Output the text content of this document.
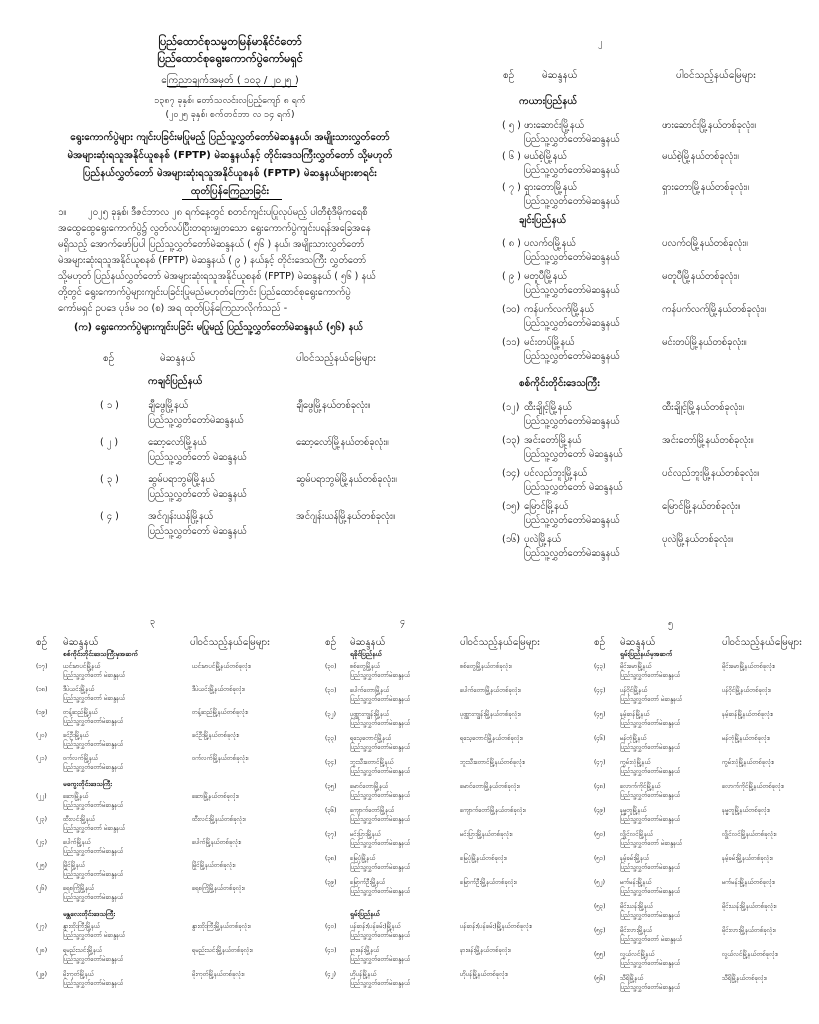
ပြည်ထောင်စုသမ္မတမြန်မာနိုင်ငံတော်
ပြည်ထောင်စုရွေးကောက်ပွဲကော်မရှင်
ကြေညာချက်အမှတ် ( ၁၀၃ / ၂၀၂၅ )
၁၃၈၇ ခုနှစ်၊ တော်သလင်းလပြည့်ကျော် ၈ ရက်
(၂၀၂၅ ခုနှစ်၊ စက်တင်ဘာ လ ၁၄ ရက်)
ရွေးကောက်ပွဲများ ကျင်းပခြင်းမပြုမည့် ပြည်သူ့လွှတ်တော်မဲဆန္ဒနယ်၊ အမျိုးသားလွှတ်တော်
မဲအများဆုံးရသူအနိုင်ယူစနစ် (FPTP) မဲဆန္ဒနယ်နှင့် တိုင်းဒေသကြီးလွှတ်တော် သို့မဟုတ်
ပြည်နယ်လွှတ်တော် မဲအများဆုံးရသူအနိုင်ယူစနစ် (FPTP) မဲဆန္ဒနယ်များစာရင်း
ထုတ်ပြန်ကြေညာခြင်း
၁။ ၂၀၂၅ ခုနှစ်၊ ဒီဇင်ဘာလ ၂၈ ရက်နေ့တွင် စတင်ကျင်းပပြုလုပ်မည့် ပါတီစုံဒီမိုကရေစီ
အထွေထွေရွေးကောက်ပွဲ၌ လွတ်လပ်ပြီးတရားမျှတသော ရွေးကောက်ပွဲကျင်းပရန်အခြေအနေ
မရှိသည့် အောက်ဖော်ပြပါ ပြည်သူ့လွှတ်တော်မဲဆန္ဒနယ် ( ၅၆ ) နယ်၊ အမျိုးသားလွှတ်တော်
မဲအများဆုံးရသူအနိုင်ယူစနစ် (FPTP) မဲဆန္ဒနယ် ( ၉ ) နယ်နှင့် တိုင်းဒေသကြီး လွှတ်တော်
သို့မဟုတ် ပြည်နယ်လွှတ်တော် မဲအများဆုံးရသူအနိုင်ယူစနစ် (FPTP) မဲဆန္ဒနယ် ( ၅၆ ) နယ်
တို့တွင် ရွေးကောက်ပွဲများကျင်းပခြင်းပြုမည်မဟုတ်ကြောင်း ပြည်ထောင်စုရွေးကောက်ပွဲ
ကော်မရှင် ဥပဒေ ပုဒ်မ ၁၀ (စ) အရ ထုတ်ပြန်ကြေညာလိုက်သည် -
(က) ရွေးကောက်ပွဲများကျင်းပခြင်း မပြုမည့် ပြည်သူ့လွှတ်တော်မဲဆန္ဒနယ် (၅၆) နယ်
စဉ်	မဲဆန္ဒနယ်	ပါဝင်သည့်နယ်မြေများ
ကချင်ပြည်နယ်
( ၁ )	ချီဖွေမြို့နယ်
ပြည်သူ့လွှတ်တော်မဲဆန္ဒနယ်
ချီဖွေမြို့နယ်တစ်ခုလုံး။
( ၂ )	ဆော့လော်မြို့နယ်
ပြည်သူ့လွှတ်တော် မဲဆန္ဒနယ်
ဆော့လော်မြို့နယ်တစ်ခုလုံး။
( ၃ )	ဆွမ်ပရာဘွမ်မြို့နယ်
ပြည်သူ့လွှတ်တော် မဲဆန္ဒနယ်
ဆွမ်ပရာဘွမ်မြို့နယ်တစ်ခုလုံး။
( ၄ )	အင်ဂျန်းယန်မြို့နယ်
ပြည်သူ့လွှတ်တော် မဲဆန္ဒနယ်
အင်ဂျန်းယန်မြို့နယ်တစ်ခုလုံး။
၂
စဉ်	မဲဆန္ဒနယ်	ပါဝင်သည့်နယ်မြေများ
ကယားပြည်နယ်
( ၅ ) ဖားဆောင်းမြို့နယ်
ပြည်သူ့လွှတ်တော်မဲဆန္ဒနယ်
ဖားဆောင်းမြို့နယ်တစ်ခုလုံး။
( ၆ ) မယ်စဲ့မြို့နယ်
ပြည်သူ့လွှတ်တော်မဲဆန္ဒနယ်
မယ်စဲ့မြို့နယ်တစ်ခုလုံး။
( ၇ ) ရှားတောမြို့နယ်
ပြည်သူ့လွှတ်တော်မဲဆန္ဒနယ်
ရှားတောမြို့နယ်တစ်ခုလုံး။
ချင်းပြည်နယ်
( ၈ ) ပလက်ဝမြို့နယ်
ပြည်သူ့လွှတ်တော်မဲဆန္ဒနယ်
ပလက်ဝမြို့နယ်တစ်ခုလုံး။
( ၉ ) မတူပီမြို့နယ်
ပြည်သူ့လွှတ်တော်မဲဆန္ဒနယ်
မတူပီမြို့နယ်တစ်ခုလုံး။
(၁၀) ကန်ပက်လက်မြို့နယ်
ပြည်သူ့လွှတ်တော်မဲဆန္ဒနယ်
ကန်ပက်လက်မြို့နယ်တစ်ခုလုံး။
(၁၁) မင်းတပ်မြို့နယ်
ပြည်သူ့လွှတ်တော်မဲဆန္ဒနယ်
မင်းတပ်မြို့နယ်တစ်ခုလုံး။
စစ်ကိုင်းတိုင်းဒေသကြီး
(၁၂) ထီးချိုင့်မြို့နယ်
ပြည်သူ့လွှတ်တော်မဲဆန္ဒနယ်
ထီးချိုင့်မြို့နယ်တစ်ခုလုံး။
(၁၃) အင်းတော်မြို့နယ်
ပြည်သူ့လွှတ်တော် မဲဆန္ဒနယ်
အင်းတော်မြို့နယ်တစ်ခုလုံး။
(၁၄) ပင်လည်ဘူးမြို့နယ်
ပြည်သူ့လွှတ်တော် မဲဆန္ဒနယ်
ပင်လည်ဘူးမြို့နယ်တစ်ခုလုံး။
(၁၅) မြောင်မြို့နယ်
ပြည်သူ့လွှတ်တော်မဲဆန္ဒနယ်
မြောင်မြို့နယ်တစ်ခုလုံး။
(၁၆) ပုလဲမြို့နယ်
ပြည်သူ့လွှတ်တော်မဲဆန္ဒနယ်
ပုလဲမြို့နယ်တစ်ခုလုံး။
၃
စဉ် မဲဆန္ဒနယ်	ပါဝင်သည့်နယ်မြေများ
စစ်ကိုင်းတိုင်းဒေသကြီးမှအဆက်
(၁၇)	ယင်းမာပင်မြို့နယ်
ပြည်သူ့လွှတ်တော် မဲဆန္ဒနယ်
ယင်းမာပင်မြို့နယ်တစ်ခုလုံး။
(၁၈)	ဒီပဲယင်းမြို့နယ်
ပြည်သူ့လွှတ်တော် မဲဆန္ဒနယ်
ဒီပဲယင်းမြို့နယ်တစ်ခုလုံး။
(၁၉)	တန့်ဆည်မြို့နယ်
ပြည်သူ့လွှတ်တော်မဲဆန္ဒနယ်
တန့်ဆည်မြို့နယ်တစ်ခုလုံး။
(၂၀)	ခင်ဦးမြို့နယ်
ပြည်သူ့လွှတ်တော်မဲဆန္ဒနယ်
ခင်ဦးမြို့နယ်တစ်ခုလုံး။
(၂၁)	ဝက်လက်မြို့နယ်
ပြည်သူ့လွှတ်တော်မဲဆန္ဒနယ်
ဝက်လက်မြို့နယ်တစ်ခုလုံး။
မကွေးတိုင်းဒေသကြီး
(၂၂)	ဆောမြို့နယ်
ပြည်သူ့လွှတ်တော်မဲဆန္ဒနယ်
ဆောမြို့နယ်တစ်ခုလုံး။
(၂၃)	ထီးလင်းမြို့နယ်
ပြည်သူ့လွှတ်တော် မဲဆန္ဒနယ်
ထီးလင်းမြို့နယ်တစ်ခုလုံး။
(၂၄)	ပေါက်မြို့နယ်
ပြည်သူ့လွှတ်တော်မဲဆန္ဒနယ်
ပေါက်မြို့နယ်တစ်ခုလုံး။
(၂၅)	မြိုင်မြို့နယ်
ပြည်သူ့လွှတ်တော်မဲဆန္ဒနယ်
မြိုင်မြို့နယ်တစ်ခုလုံး။
(၂၆)	ရေစကြိုမြို့နယ်
ပြည်သူ့လွှတ်တော်မဲဆန္ဒနယ်
ရေစကြိုမြို့နယ်တစ်ခုလုံး။
မန္တလေးတိုင်းဒေသကြီး
(၂၇)	နွားထိုးကြီးမြို့နယ်
ပြည်သူ့လွှတ်တော် မဲဆန္ဒနယ်
နွားထိုးကြီးမြို့နယ်တစ်ခုလုံး။
(၂၈)	ရမည်းသင်းမြို့နယ်
ပြည်သူ့လွှတ်တော်မဲဆန္ဒနယ်
ရမည်းသင်းမြို့နယ်တစ်ခုလုံး။
(၂၉)	မိုးကုတ်မြို့နယ်
ပြည်သူ့လွှတ်တော်မဲဆန္ဒနယ်
မိုးကုတ်မြို့နယ်တစ်ခုလုံး။
၄
စဉ် မဲဆန္ဒနယ်	ပါဝင်သည့်နယ်မြေများ
ရခိုင်ပြည်နယ်
(၃၀) စစ်တွေမြို့နယ်
ပြည်သူ့လွှတ်တော်မဲဆန္ဒနယ်
စစ်တွေမြို့နယ်တစ်ခုလုံး။
(၃၁) ပေါက်တောမြို့နယ်
ပြည်သူ့လွှတ်တော်မဲဆန္ဒနယ်
ပေါက်တောမြို့နယ်တစ်ခုလုံး။
(၃၂) ပုဏ္ဏားကျွန်းမြို့နယ်
ပြည်သူ့လွှတ်တော်မဲဆန္ဒနယ်
ပုဏ္ဏားကျွန်းမြို့နယ်တစ်ခုလုံး။
(၃၃) ရသေ့တောင်မြို့နယ်
ပြည်သူ့လွှတ်တော်မဲဆန္ဒနယ်
ရသေ့တောင်မြို့နယ်တစ်ခုလုံး။
(၃၄) ဘူးသီးတောင်မြို့နယ်
ပြည်သူ့လွှတ်တော်မဲဆန္ဒနယ်
ဘူးသီးတောင်မြို့နယ်တစ်ခုလုံး။
(၃၅) မောင်တောမြို့နယ်
ပြည်သူ့လွှတ်တော်မဲဆန္ဒနယ်
မောင်တောမြို့နယ်တစ်ခုလုံး။
(၃၆) ကျောက်တော်မြို့နယ်
ပြည်သူ့လွှတ်တော်မဲဆန္ဒနယ်
ကျောက်တော်မြို့နယ်တစ်ခုလုံး။
(၃၇) မင်းပြားမြို့နယ်
ပြည်သူ့လွှတ်တော်မဲဆန္ဒနယ်
မင်းပြားမြို့နယ်တစ်ခုလုံး။
(၃၈) မြေပုံမြို့နယ်
ပြည်သူ့လွှတ်တော်မဲဆန္ဒနယ်
မြေပုံမြို့နယ်တစ်ခုလုံး။
(၃၉) မြောက်ဦးမြို့နယ်
ပြည်သူ့လွှတ်တော်မဲဆန္ဒနယ်
မြောက်ဦးမြို့နယ်တစ်ခုလုံး။
ရှမ်းပြည်နယ်
(၄၀) ပန်ဆန်း(ပန်ခမ်း)မြို့နယ်
ပြည်သူ့လွှတ်တော်မဲဆန္ဒနယ်
ပန်ဆန်း(ပန်ခမ်း)မြို့နယ်တစ်ခုလုံး။
(၄၁) နားဖန်းမြို့နယ်
ပြည်သူ့လွှတ်တော်မဲဆန္ဒနယ်
နားဖန်းမြို့နယ်တစ်ခုလုံး။
(၄၂) ဟိုပန်မြို့နယ်
ပြည်သူ့လွှတ်တော်မဲဆန္ဒနယ်
ဟိုပန်မြို့နယ်တစ်ခုလုံး။
၅
စဉ် မဲဆန္ဒနယ်	ပါဝင်သည့်နယ်မြေများ
ရှမ်းပြည်နယ်မှအဆက်
(၄၃) မိုင်းမောမြို့နယ်
ပြည်သူ့လွှတ်တော်မဲဆန္ဒနယ်
မိုင်းမောမြို့နယ်တစ်ခုလုံး။
(၄၄) ပန်ဝိုင်မြို့နယ်
ပြည်သူ့လွှတ်တော် မဲဆန္ဒနယ်
ပန်ဝိုင်မြို့နယ်တစ်ခုလုံး။
(၄၅) နမ့်ဆန်မြို့နယ်
ပြည်သူ့လွှတ်တော်မဲဆန္ဒနယ်
နမ့်ဆန်မြို့နယ်တစ်ခုလုံး။
(၄၆) မန်တုံမြို့နယ်
ပြည်သူ့လွှတ်တော်မဲဆန္ဒနယ်
မန်တုံမြို့နယ်တစ်ခုလုံး။
(၄၇) ကွမ်းလုံမြို့နယ်
ပြည်သူ့လွှတ်တော်မဲဆန္ဒနယ်
ကွမ်းလုံမြို့နယ်တစ်ခုလုံး။
(၄၈) လောက်ကိုင်မြို့နယ်
ပြည်သူ့လွှတ်တော်မဲဆန္ဒနယ်
လောက်ကိုင်မြို့နယ်တစ်ခုလုံး။
(၄၉) နမ္မတူမြို့နယ်
ပြည်သူ့လွှတ်တော်မဲဆန္ဒနယ်
နမ္မတူမြို့နယ်တစ်ခုလုံး။
(၅၀) လွိုင်လင်မြို့နယ်
ပြည်သူ့လွှတ်တော် မဲဆန္ဒနယ်
လွိုင်လင်မြို့နယ်တစ်ခုလုံး။
(၅၁) နမ့်ခမ်းမြို့နယ်
ပြည်သူ့လွှတ်တော်မဲဆန္ဒနယ်
နမ့်ခမ်းမြို့နယ်တစ်ခုလုံး။
(၅၂) မက်မန်းမြို့နယ်
ပြည်သူ့လွှတ်တော်မဲဆန္ဒနယ်
မက်မန်းမြို့နယ်တစ်ခုလုံး။
(၅၃) မိုင်းယန်းမြို့နယ်
ပြည်သူ့လွှတ်တော်မဲဆန္ဒနယ်
မိုင်းယန်းမြို့နယ်တစ်ခုလုံး။
(၅၄) မိုင်းလားမြို့နယ်
ပြည်သူ့လွှတ်တော် မဲဆန္ဒနယ်
မိုင်းလားမြို့နယ်တစ်ခုလုံး။
(၅၅) လွယ်လင်မြို့နယ်
ပြည်သူ့လွှတ်တော်မဲဆန္ဒနယ်
လွယ်လင်မြို့နယ်တစ်ခုလုံး။
(၅၆) သီရိမြို့နယ်
ပြည်သူ့လွှတ်တော်မဲဆန္ဒနယ်
သီရိမြို့နယ်တစ်ခုလုံး။
